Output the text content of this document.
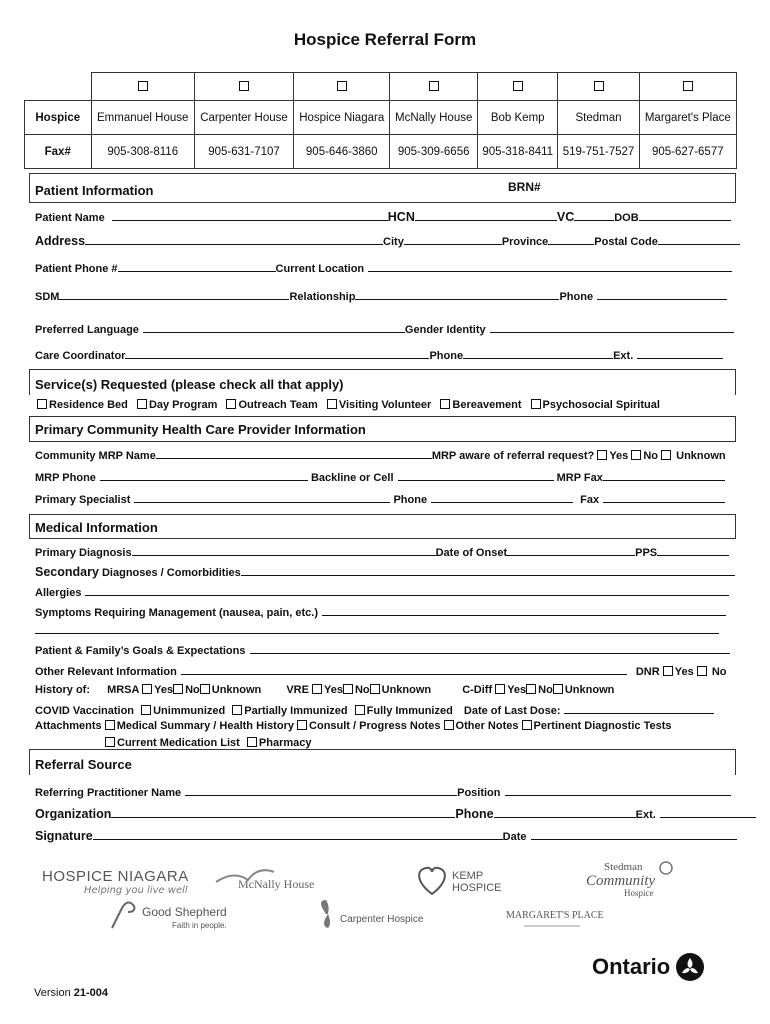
Hospice Referral Form

Hospice	Emmanuel House	Carpenter House	Hospice Niagara	McNally House	Bob Kemp	Stedman	Margaret's Place
Fax#	905-308-8116	905-631-7107	905-646-3860	905-309-6656	905-318-8411	519-751-7527	905-627-6577
Patient Information	BRN#
Patient Name	HCN	VC	DOB
Address	City	Province	Postal Code
Patient Phone #	Current Location
SDM	Relationship	Phone
Preferred Language	Gender Identity
Care Coordinator	Phone	Ext.
Service(s) Requested (please check all that apply)
Residence Bed Day Program Outreach Team Visiting Volunteer Bereavement Psychosocial Spiritual
Primary Community Health Care Provider Information
Community MRP Name	MRP aware of referral request? Yes No Unknown
MRP Phone	Backline or Cell	MRP Fax
Primary Specialist	Phone	Fax
Medical Information
Primary Diagnosis	Date of Onset	PPS
Secondary Diagnoses / Comorbidities
Allergies
Symptoms Requiring Management (nausea, pain, etc.)
Patient & Family’s Goals & Expectations
Other Relevant Information	DNR Yes No
History of: MRSA Yes No Unknown VRE Yes No Unknown	C-Diff Yes No Unknown
COVID Vaccination Unimmunized Partially Immunized Fully Immunized Date of Last Dose:
Attachments Medical Summary / Health History Consult / Progress Notes Other Notes Pertinent Diagnostic Tests
Current Medication List Pharmacy
Referral Source
Referring Practitioner Name	Position
Organization	Phone	Ext.
Signature	Date
HOSPICE NIAGARA
Helping you live well	McNally House
KEMP
HOSPICE
Stedman
Community
Hospice
Good Shepherd
Faith in people.
Carpenter Hospice	MARGARET'S PLACE
Ontario
Version 21-004
